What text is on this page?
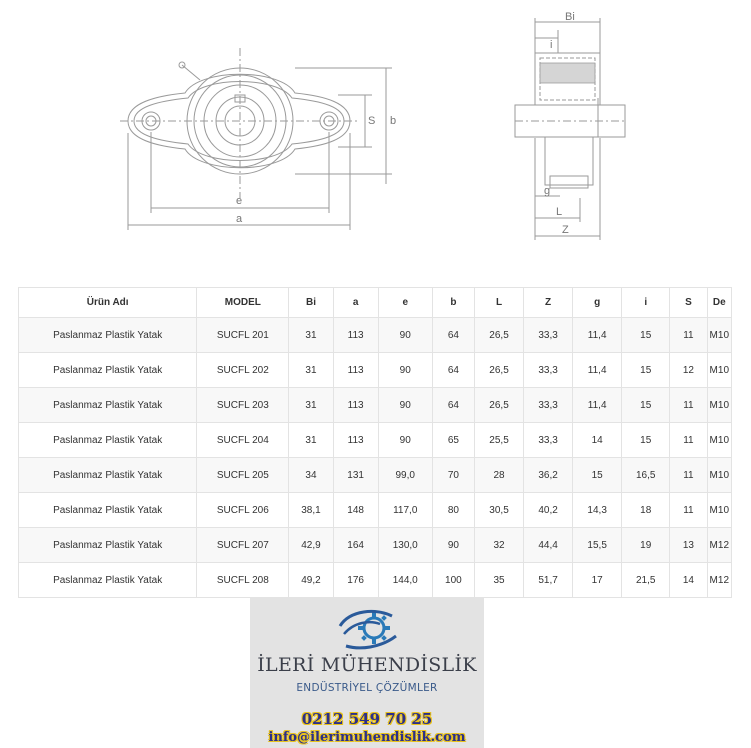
Bi
i
S b
e
a
g
L
Z
Ürün Adı	MODEL	Bi	a	e	b	L	Z	g	i	S	De
Paslanmaz Plastik Yatak	SUCFL 201	31	113	90	64	26,5	33,3	11,4	15	11	M10
Paslanmaz Plastik Yatak	SUCFL 202	31	113	90	64	26,5	33,3	11,4	15	12	M10
Paslanmaz Plastik Yatak	SUCFL 203	31	113	90	64	26,5	33,3	11,4	15	11	M10
Paslanmaz Plastik Yatak	SUCFL 204	31	113	90	65	25,5	33,3	14	15	11	M10
Paslanmaz Plastik Yatak	SUCFL 205	34	131	99,0	70	28	36,2	15	16,5	11	M10
Paslanmaz Plastik Yatak	SUCFL 206	38,1	148	117,0	80	30,5	40,2	14,3	18	11	M10
Paslanmaz Plastik Yatak	SUCFL 207	42,9	164	130,0	90	32	44,4	15,5	19	13	M12
Paslanmaz Plastik Yatak	SUCFL 208	49,2	176	144,0	100	35	51,7	17	21,5	14	M12
İLERİ MÜHENDİSLİK
ENDÜSTRİYEL ÇÖZÜMLER
0212 549 70 25
info@ilerimuhendislik.com
